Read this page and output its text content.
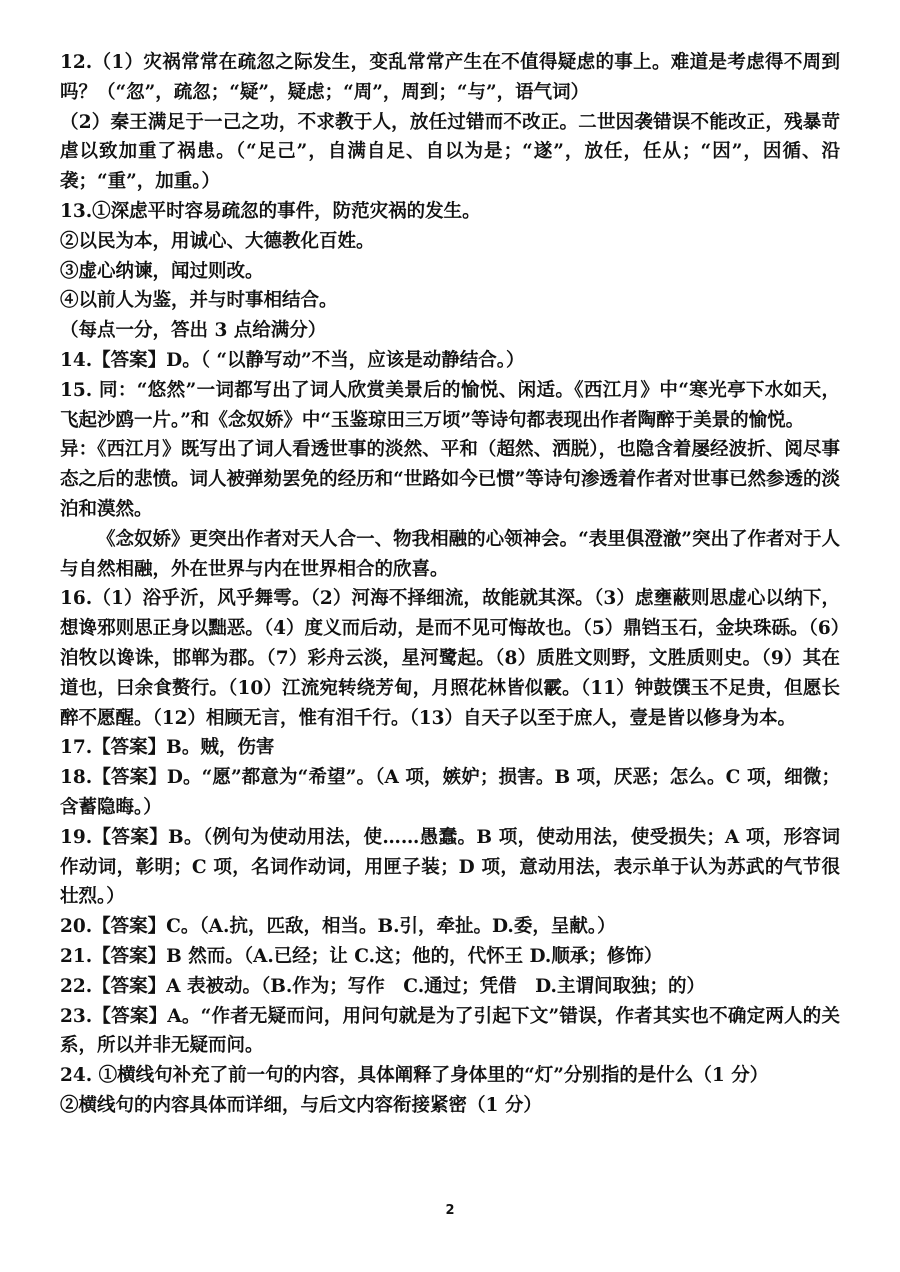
12.（1）灾祸常常在疏忽之际发生，变乱常常产生在不值得疑虑的事上。难道是考虑得不周到吗？（“忽”，疏忽；“疑”，疑虑；“周”，周到；“与”，语气词）

（2）秦王满足于一己之功，不求教于人，放任过错而不改正。二世因袭错误不能改正，残暴苛虐以致加重了祸患。（“足己”，自满自足、自以为是；“遂”，放任，任从；“因”，因循、沿袭；“重”，加重。）

13.①深虑平时容易疏忽的事件，防范灾祸的发生。

②以民为本，用诚心、大德教化百姓。

③虚心纳谏，闻过则改。

④以前人为鉴，并与时事相结合。

（每点一分，答出 3 点给满分）

14.【答案】D。（ “以静写动”不当，应该是动静结合。）

15. 同：“悠然”一词都写出了词人欣赏美景后的愉悦、闲适。《西江月》中“寒光亭下水如天，飞起沙鸥一片。”和《念奴娇》中“玉鉴琼田三万顷”等诗句都表现出作者陶醉于美景的愉悦。

异：《西江月》既写出了词人看透世事的淡然、平和（超然、洒脱），也隐含着屡经波折、阅尽事态之后的悲愤。词人被弹劾罢免的经历和“世路如今已惯”等诗句渗透着作者对世事已然参透的淡泊和漠然。

《念奴娇》更突出作者对天人合一、物我相融的心领神会。“表里俱澄澈”突出了作者对于人与自然相融，外在世界与内在世界相合的欣喜。

16.（1）浴乎沂，风乎舞雩。（2）河海不择细流，故能就其深。（3）虑壅蔽则思虚心以纳下，想谗邪则思正身以黜恶。（4）度义而后动，是而不见可悔故也。（5）鼎铛玉石，金块珠砾。（6）洎牧以谗诛，邯郸为郡。（7）彩舟云淡，星河鹭起。（8）质胜文则野，文胜质则史。（9）其在道也，曰余食赘行。（10）江流宛转绕芳甸，月照花林皆似霰。（11）钟鼓馔玉不足贵，但愿长醉不愿醒。（12）相顾无言，惟有泪千行。（13）自天子以至于庶人，壹是皆以修身为本。

17.【答案】B。贼，伤害

18.【答案】D。“愿”都意为“希望”。（A 项，嫉妒；损害。B 项，厌恶；怎么。C 项，细微；含蓄隐晦。）

19.【答案】B。（例句为使动用法，使……愚蠢。B 项，使动用法，使受损失；A 项，形容词作动词，彰明；C 项，名词作动词，用匣子装；D 项，意动用法，表示单于认为苏武的气节很壮烈。）

20.【答案】C。（A.抗，匹敌，相当。B.引，牵扯。D.委，呈献。）

21.【答案】B 然而。（A.已经；让 C.这；他的，代怀王 D.顺承；修饰）

22.【答案】A 表被动。（B.作为；写作　C.通过；凭借　D.主谓间取独；的）

23.【答案】A。“作者无疑而问，用问句就是为了引起下文”错误，作者其实也不确定两人的关系，所以并非无疑而问。

24. ①横线句补充了前一句的内容，具体阐释了身体里的“灯”分别指的是什么（1 分）

②横线句的内容具体而详细，与后文内容衔接紧密（1 分）

2
